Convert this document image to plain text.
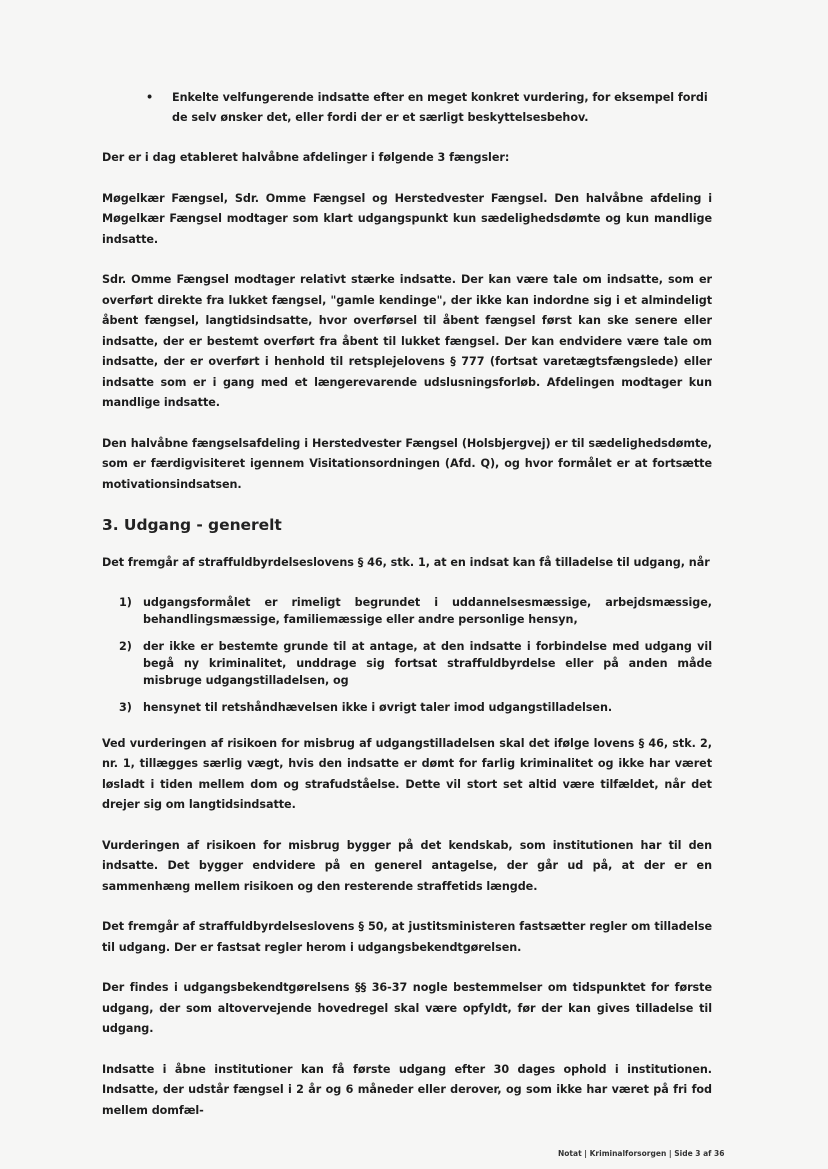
• Enkelte velfungerende indsatte efter en meget konkret vurdering, for eksempel fordi de selv ønsker det, eller fordi der er et særligt beskyttelsesbehov.

Der er i dag etableret halvåbne afdelinger i følgende 3 fængsler:

Møgelkær Fængsel, Sdr. Omme Fængsel og Herstedvester Fængsel. Den halvåbne afdeling i Møgelkær Fængsel modtager som klart udgangspunkt kun sædelighedsdømte og kun mandlige indsatte.

Sdr. Omme Fængsel modtager relativt stærke indsatte. Der kan være tale om indsatte, som er overført direkte fra lukket fængsel, "gamle kendinge", der ikke kan indordne sig i et almindeligt åbent fængsel, langtidsindsatte, hvor overførsel til åbent fængsel først kan ske senere eller indsatte, der er bestemt overført fra åbent til lukket fængsel. Der kan endvidere være tale om indsatte, der er overført i henhold til retsplejelovens § 777 (fortsat varetægtsfængslede) eller indsatte som er i gang med et længerevarende udslusningsforløb. Afdelingen modtager kun mandlige indsatte.

Den halvåbne fængselsafdeling i Herstedvester Fængsel (Holsbjergvej) er til sædelighedsdømte, som er færdigvisiteret igennem Visitationsordningen (Afd. Q), og hvor formålet er at fortsætte motivationsindsatsen.

3. Udgang - generelt

Det fremgår af straffuldbyrdelseslovens § 46, stk. 1, at en indsat kan få tilladelse til udgang, når

1) udgangsformålet er rimeligt begrundet i uddannelsesmæssige, arbejdsmæssige, behandlingsmæssige, familiemæssige eller andre personlige hensyn,
2) der ikke er bestemte grunde til at antage, at den indsatte i forbindelse med udgang vil begå ny kriminalitet, unddrage sig fortsat straffuldbyrdelse eller på anden måde misbruge udgangstilladelsen, og
3) hensynet til retshåndhævelsen ikke i øvrigt taler imod udgangstilladelsen.

Ved vurderingen af risikoen for misbrug af udgangstilladelsen skal det ifølge lovens § 46, stk. 2, nr. 1, tillægges særlig vægt, hvis den indsatte er dømt for farlig kriminalitet og ikke har været løsladt i tiden mellem dom og strafudståelse. Dette vil stort set altid være tilfældet, når det drejer sig om langtidsindsatte.

Vurderingen af risikoen for misbrug bygger på det kendskab, som institutionen har til den indsatte. Det bygger endvidere på en generel antagelse, der går ud på, at der er en sammenhæng mellem risikoen og den resterende straffetids længde.

Det fremgår af straffuldbyrdelseslovens § 50, at justitsministeren fastsætter regler om tilladelse til udgang. Der er fastsat regler herom i udgangsbekendtgørelsen.

Der findes i udgangsbekendtgørelsens §§ 36-37 nogle bestemmelser om tidspunktet for første udgang, der som altovervejende hovedregel skal være opfyldt, før der kan gives tilladelse til udgang.

Indsatte i åbne institutioner kan få første udgang efter 30 dages ophold i institutionen. Indsatte, der udstår fængsel i 2 år og 6 måneder eller derover, og som ikke har været på fri fod mellem domfæl-

Notat | Kriminalforsorgen | Side 3 af 36
